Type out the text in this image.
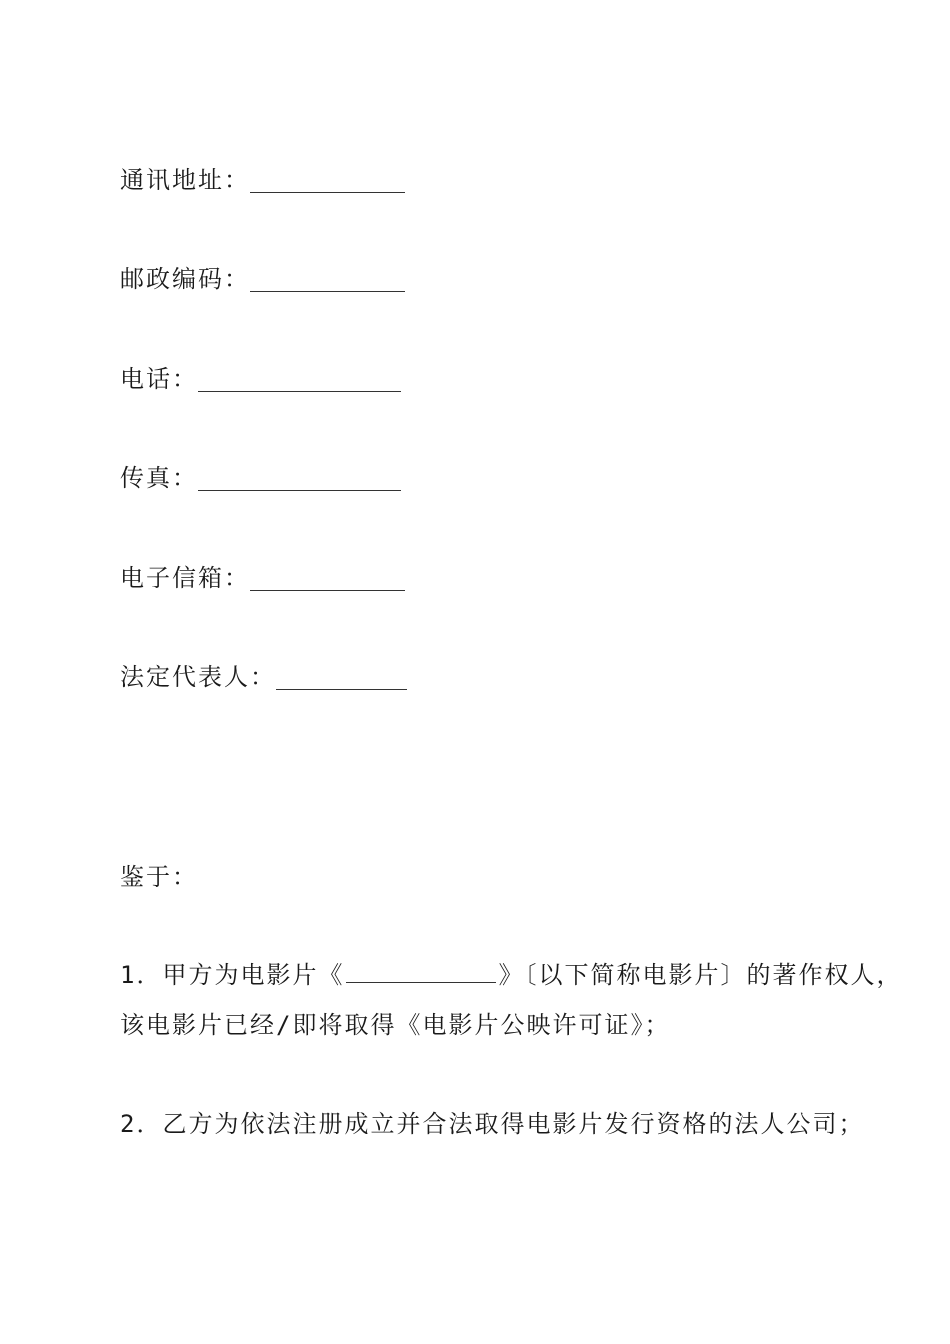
通讯地址：
邮政编码：
电话：
传真：
电子信箱：
法定代表人：
鉴于：
1．甲方为电影片《	》〔以下简称电影片〕的著作权人，
该电影片已经/即将取得《电影片公映许可证》；
2．乙方为依法注册成立并合法取得电影片发行资格的法人公司；
